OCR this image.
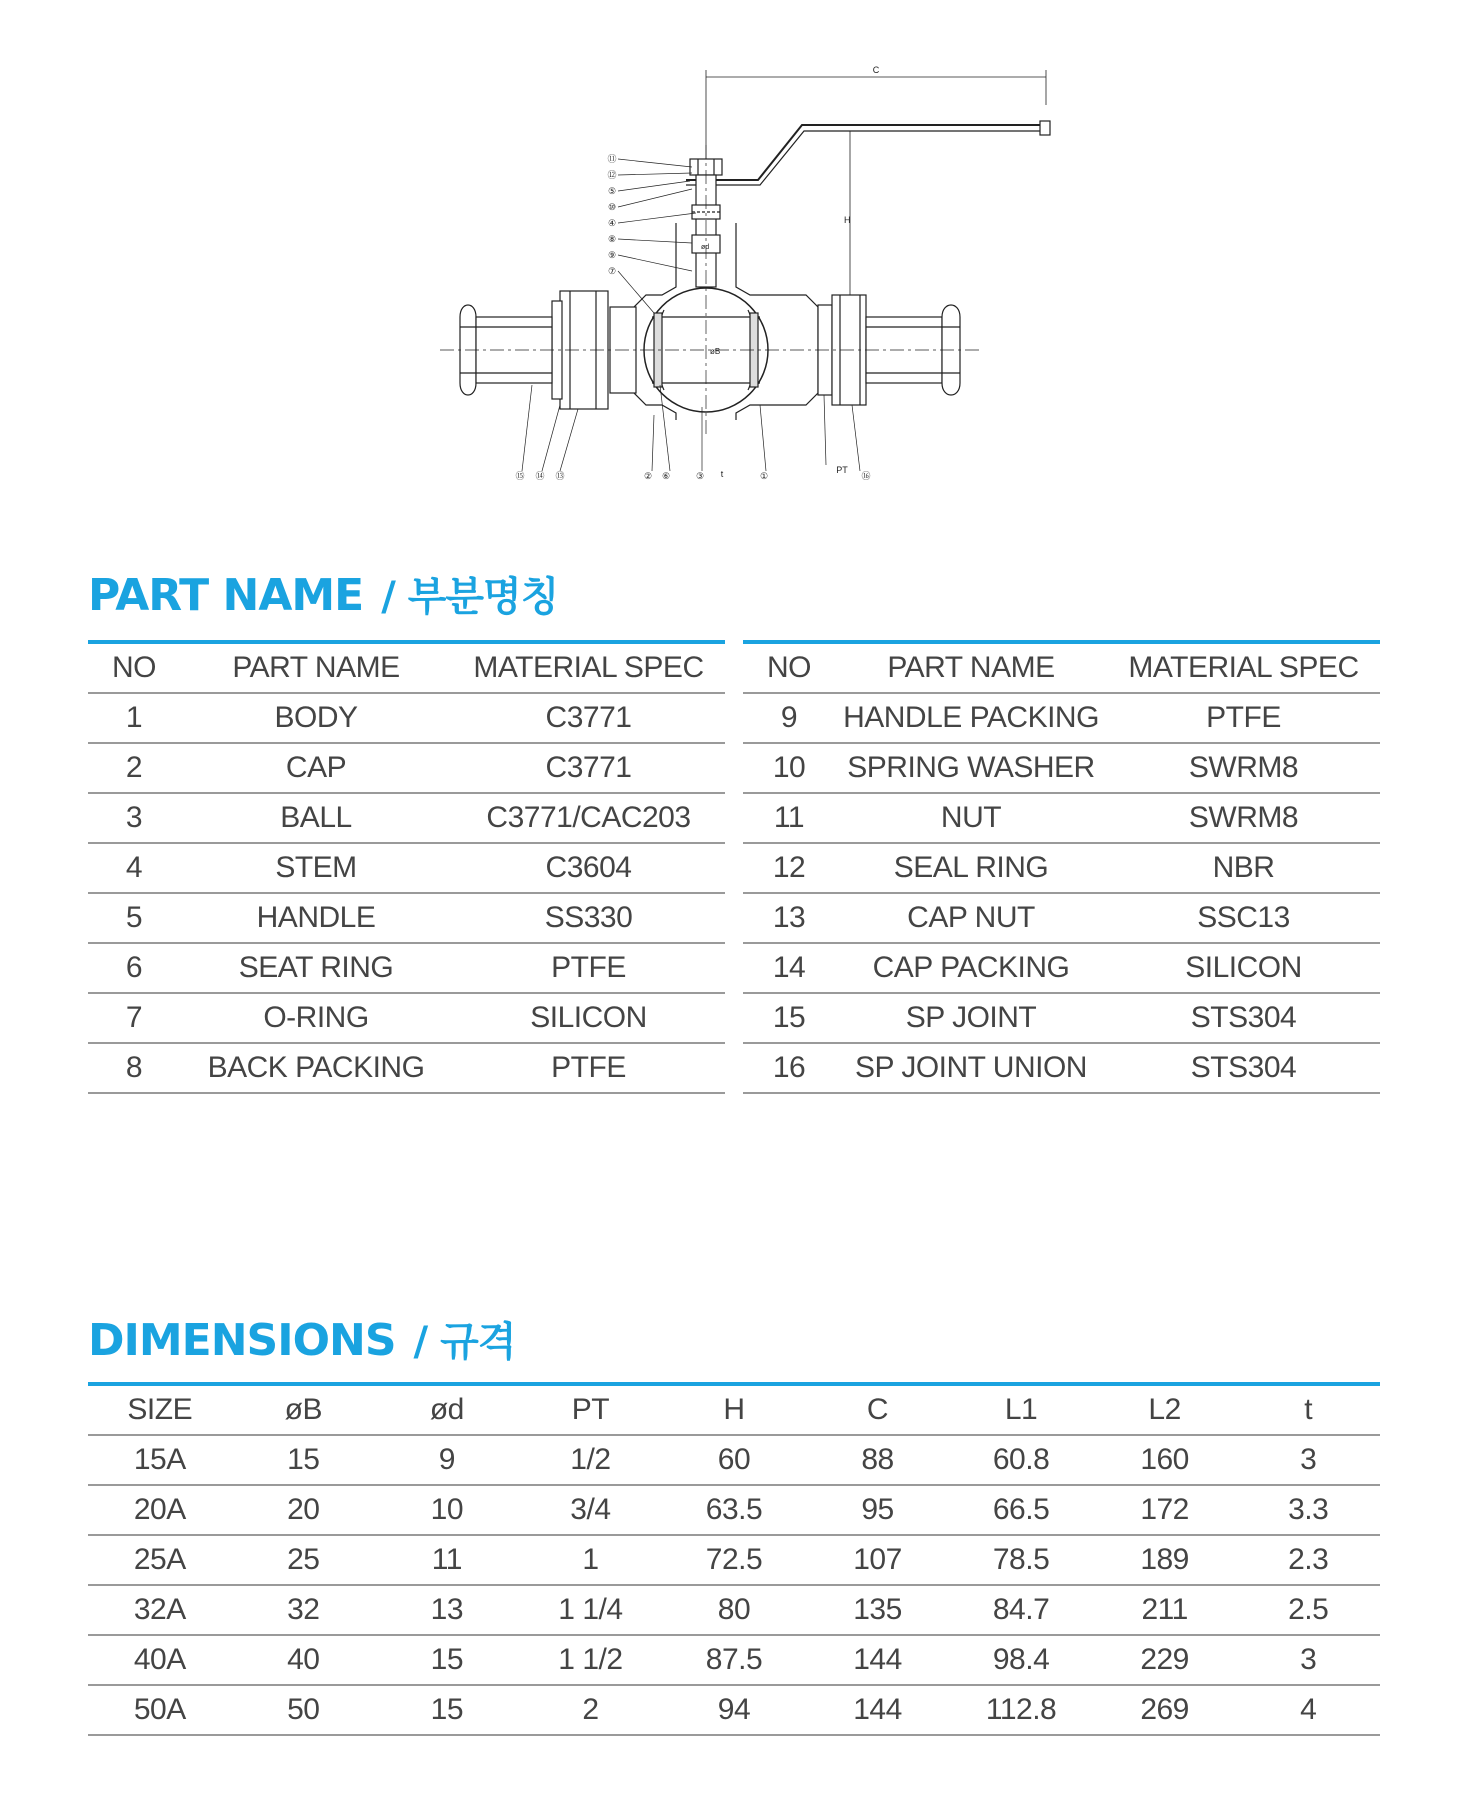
C
H
ød
øB
⑪
⑫
⑤
⑩
④
⑧
⑨
⑦
⑮ ⑭ ⑬	② ⑥	③	①	⑯
PT
t
PART NAME / 부분명칭
NO	PART NAME	MATERIAL SPEC
1	BODY	C3771
2	CAP	C3771
3	BALL	C3771/CAC203
4	STEM	C3604
5	HANDLE	SS330
6	SEAT RING	PTFE
7	O-RING	SILICON
8	BACK PACKING	PTFE
NO	PART NAME	MATERIAL SPEC
9	HANDLE PACKING	PTFE
10	SPRING WASHER	SWRM8
11	NUT	SWRM8
12	SEAL RING	NBR
13	CAP NUT	SSC13
14	CAP PACKING	SILICON
15	SP JOINT	STS304
16	SP JOINT UNION	STS304
DIMENSIONS / 규격
SIZE	øB	ød	PT	H	C	L1	L2	t
15A	15	9	1/2	60	88	60.8	160	3
20A	20	10	3/4	63.5	95	66.5	172	3.3
25A	25	11	1	72.5	107	78.5	189	2.3
32A	32	13	1 1/4	80	135	84.7	211	2.5
40A	40	15	1 1/2	87.5	144	98.4	229	3
50A	50	15	2	94	144	112.8	269	4
